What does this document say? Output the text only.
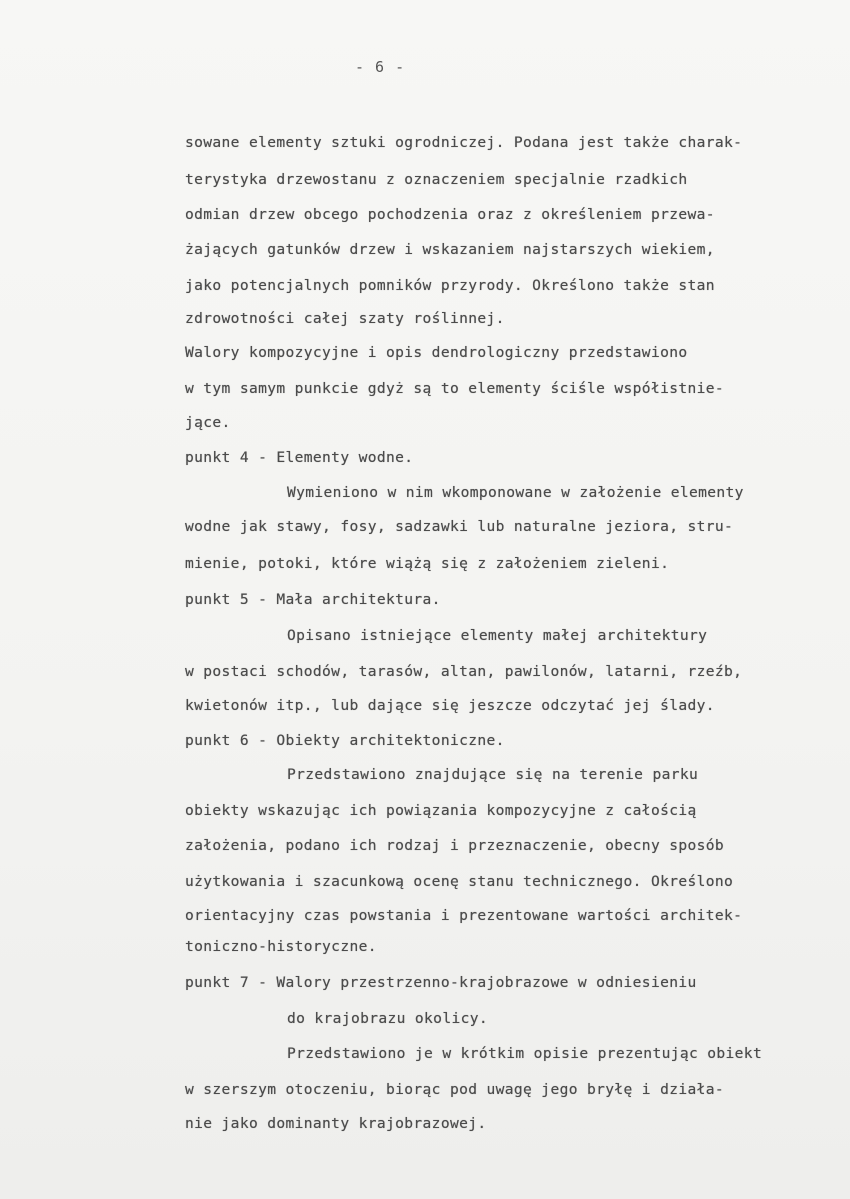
- 6 -
sowane elementy sztuki ogrodniczej. Podana jest także charak-
terystyka drzewostanu z oznaczeniem specjalnie rzadkich
odmian drzew obcego pochodzenia oraz z określeniem przewa-
żających gatunków drzew i wskazaniem najstarszych wiekiem,
jako potencjalnych pomników przyrody. Określono także stan
zdrowotności całej szaty roślinnej.
Walory kompozycyjne i opis dendrologiczny przedstawiono
w tym samym punkcie gdyż są to elementy ściśle współistnie-
jące.
punkt 4 - Elementy wodne.
Wymieniono w nim wkomponowane w założenie elementy
wodne jak stawy, fosy, sadzawki lub naturalne jeziora, stru-
mienie, potoki, które wiążą się z założeniem zieleni.
punkt 5 - Mała architektura.
Opisano istniejące elementy małej architektury
w postaci schodów, tarasów, altan, pawilonów, latarni, rzeźb,
kwietonów itp., lub dające się jeszcze odczytać jej ślady.
punkt 6 - Obiekty architektoniczne.
Przedstawiono znajdujące się na terenie parku
obiekty wskazując ich powiązania kompozycyjne z całością
założenia, podano ich rodzaj i przeznaczenie, obecny sposób
użytkowania i szacunkową ocenę stanu technicznego. Określono
orientacyjny czas powstania i prezentowane wartości architek-
toniczno-historyczne.
punkt 7 - Walory przestrzenno-krajobrazowe w odniesieniu
do krajobrazu okolicy.
Przedstawiono je w krótkim opisie prezentując obiekt
w szerszym otoczeniu, biorąc pod uwagę jego bryłę i działa-
nie jako dominanty krajobrazowej.
